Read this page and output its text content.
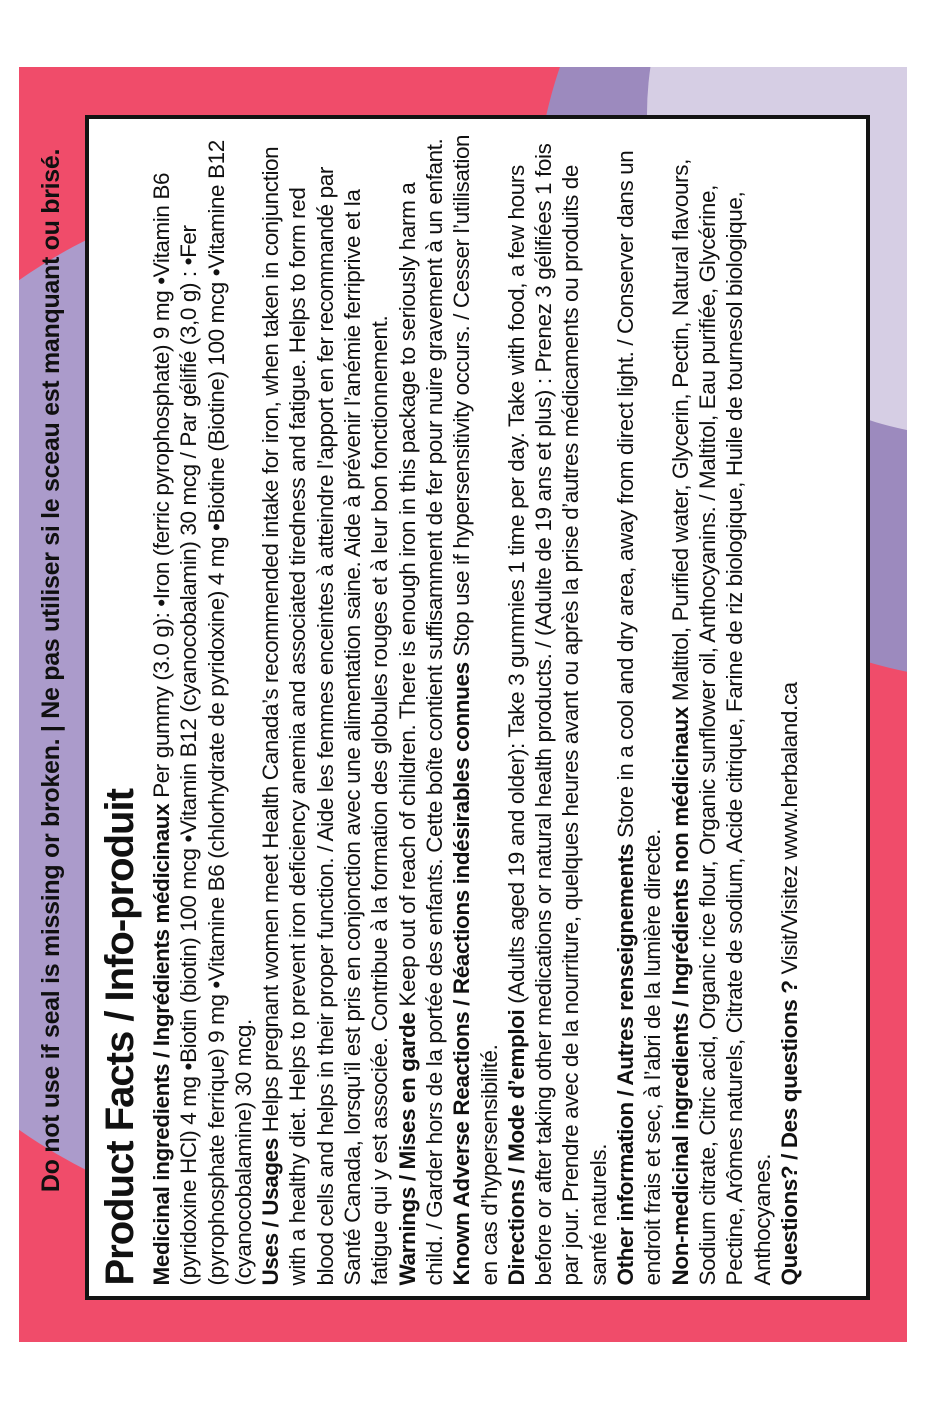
Do not use if seal is missing or broken. | Ne pas utiliser si le sceau est manquant ou brisé. Product Facts / Info-produit Medicinal ingredients / Ingrédients médicinaux Per gummy (3.0 g): •Iron (ferric pyrophosphate) 9 mg •Vitamin B6 (pyridoxine HCl) 4 mg •Biotin (biotin) 100 mcg •Vitamin B12 (cyanocobalamin) 30 mcg / Par gélifié (3,0 g) : •Fer (pyrophosphate ferrique) 9 mg •Vitamine B6 (chlorhydrate de pyridoxine) 4 mg •Biotine (Biotine) 100 mcg •Vitamine B12 (cyanocobalamine) 30 mcg. Uses / Usages Helps pregnant women meet Health Canada’s recommended intake for iron, when taken in conjunction with a healthy diet. Helps to prevent iron deficiency anemia and associated tiredness and fatigue. Helps to form red blood cells and helps in their proper function. / Aide les femmes enceintes à atteindre l’apport en fer recommandé par Santé Canada, lorsqu’il est pris en conjonction avec une alimentation saine. Aide à prévenir l’anémie ferriprive et la fatigue qui y est associée. Contribue à la formation des globules rouges et à leur bon fonctionnement. Warnings / Mises en garde Keep out of reach of children. There is enough iron in this package to seriously harm a child. / Garder hors de la portée des enfants. Cette boîte contient suffisamment de fer pour nuire gravement à un enfant. Known Adverse Reactions / Réactions indésirables connues Stop use if hypersensitivity occurs. / Cesser l’utilisation en cas d’hypersensibilité. Directions / Mode d’emploi (Adults aged 19 and older): Take 3 gummies 1 time per day. Take with food, a few hours before or after taking other medications or natural health products. / (Adulte de 19 ans et plus) : Prenez 3 gélifiées 1 fois par jour. Prendre avec de la nourriture, quelques heures avant ou après la prise d’autres médicaments ou produits de santé naturels. Other information / Autres renseignements Store in a cool and dry area, away from direct light. / Conserver dans un endroit frais et sec, à l’abri de la lumière directe. Non-medicinal ingredients / Ingrédients non médicinaux Maltitol, Purified water, Glycerin, Pectin, Natural flavours, Sodium citrate, Citric acid, Organic rice flour, Organic sunflower oil, Anthocyanins. / Maltitol, Eau purifiée, Glycérine, Pectine, Arômes naturels, Citrate de sodium, Acide citrique, Farine de riz biologique, Huile de tournesol biologique, Anthocyanes. Questions? / Des questions ? Visit/Visitez www.herbaland.ca
